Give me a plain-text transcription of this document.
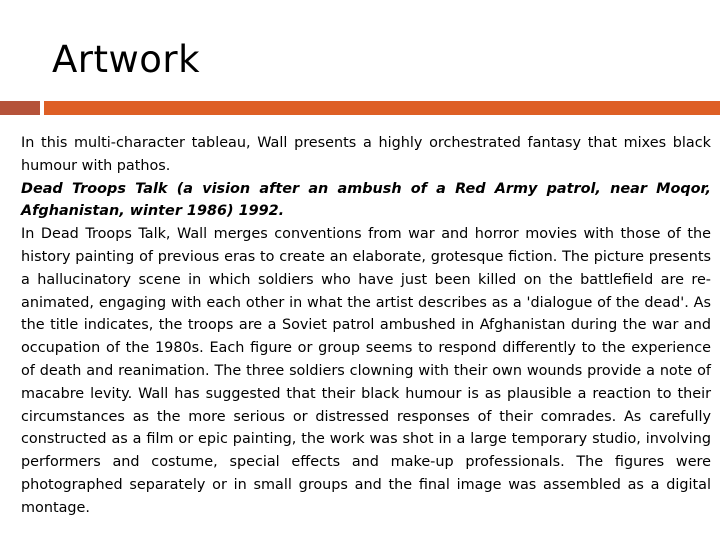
Artwork

In this multi-character tableau, Wall presents a highly orchestrated fantasy that mixes black humour with pathos.

Dead Troops Talk (a vision after an ambush of a Red Army patrol, near Moqor, Afghanistan, winter 1986) 1992.

In Dead Troops Talk, Wall merges conventions from war and horror movies with those of the history painting of previous eras to create an elaborate, grotesque fiction. The picture presents a hallucinatory scene in which soldiers who have just been killed on the battlefield are re-animated, engaging with each other in what the artist describes as a 'dialogue of the dead'. As the title indicates, the troops are a Soviet patrol ambushed in Afghanistan during the war and occupation of the 1980s. Each figure or group seems to respond differently to the experience of death and reanimation. The three soldiers clowning with their own wounds provide a note of macabre levity. Wall has suggested that their black humour is as plausible a reaction to their circumstances as the more serious or distressed responses of their comrades. As carefully constructed as a film or epic painting, the work was shot in a large temporary studio, involving performers and costume, special effects and make-up professionals. The figures were photographed separately or in small groups and the final image was assembled as a digital montage.
